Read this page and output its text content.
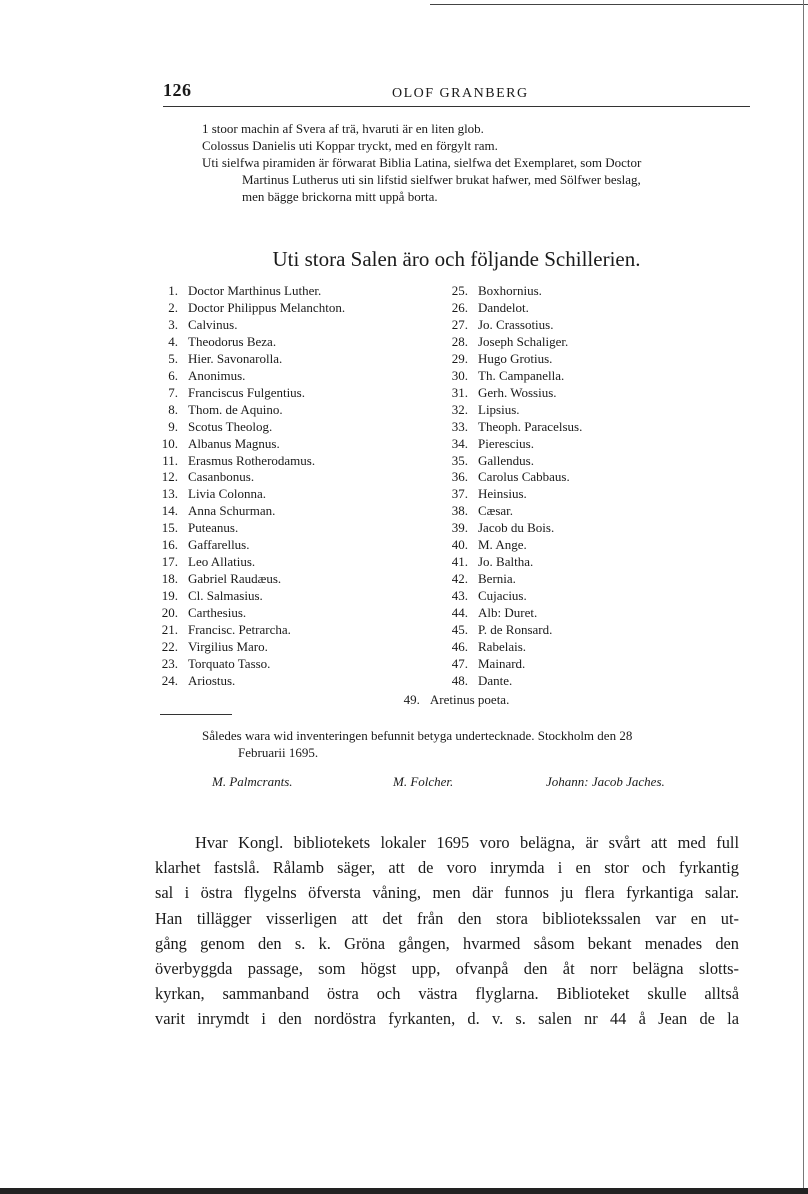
126	OLOF GRANBERG

1 stoor machin af Svera af trä, hvaruti är en liten glob.

Colossus Danielis uti Koppar tryckt, med en förgylt ram.

Uti sielfwa piramiden är förwarat Biblia Latina, sielfwa det Exemplaret, som Doctor

Martinus Lutherus uti sin lifstid sielfwer brukat hafwer, med Sölfwer beslag,

men bägge brickorna mitt uppå borta.

Uti stora Salen äro och följande Schillerien.
1. Doctor Marthinus Luther.
2. Doctor Philippus Melanchton.
3. Calvinus.
4. Theodorus Beza.
5. Hier. Savonarolla.
6. Anonimus.
7. Franciscus Fulgentius.
8. Thom. de Aquino.
9. Scotus Theolog.
10. Albanus Magnus.
11. Erasmus Rotherodamus.
12. Casanbonus.
13. Livia Colonna.
14. Anna Schurman.
15. Puteanus.
16. Gaffarellus.
17. Leo Allatius.
18. Gabriel Raudæus.
19. Cl. Salmasius.
20. Carthesius.
21. Francisc. Petrarcha.
22. Virgilius Maro.
23. Torquato Tasso.
24. Ariostus.
25. Boxhornius.
26. Dandelot.
27. Jo. Crassotius.
28. Joseph Schaliger.
29. Hugo Grotius.
30. Th. Campanella.
31. Gerh. Wossius.
32. Lipsius.
33. Theoph. Paracelsus.
34. Pierescius.
35. Gallendus.
36. Carolus Cabbaus.
37. Heinsius.
38. Cæsar.
39. Jacob du Bois.
40. M. Ange.
41. Jo. Baltha.
42. Bernia.
43. Cujacius.
44. Alb: Duret.
45. P. de Ronsard.
46. Rabelais.
47. Mainard.
48. Dante.
49. Aretinus poeta.
Således wara wid inventeringen befunnit betyga undertecknade. Stockholm den 28
Februarii 1695.
M. Palmcrants.	M. Folcher.	Johann: Jacob Jaches.
Hvar Kongl. bibliotekets lokaler 1695 voro belägna, är svårt att med full
klarhet fastslå. Rålamb säger, att de voro inrymda i en stor och fyrkantig
sal i östra flygelns öfversta våning, men där funnos ju flera fyrkantiga salar.
Han tillägger visserligen att det från den stora bibliotekssalen var en ut-
gång genom den s. k. Gröna gången, hvarmed såsom bekant menades den
överbyggda passage, som högst upp, ofvanpå den åt norr belägna slotts-
kyrkan, sammanband östra och västra flyglarna. Biblioteket skulle alltså
varit inrymdt i den nordöstra fyrkanten, d. v. s. salen nr 44 å Jean de la
